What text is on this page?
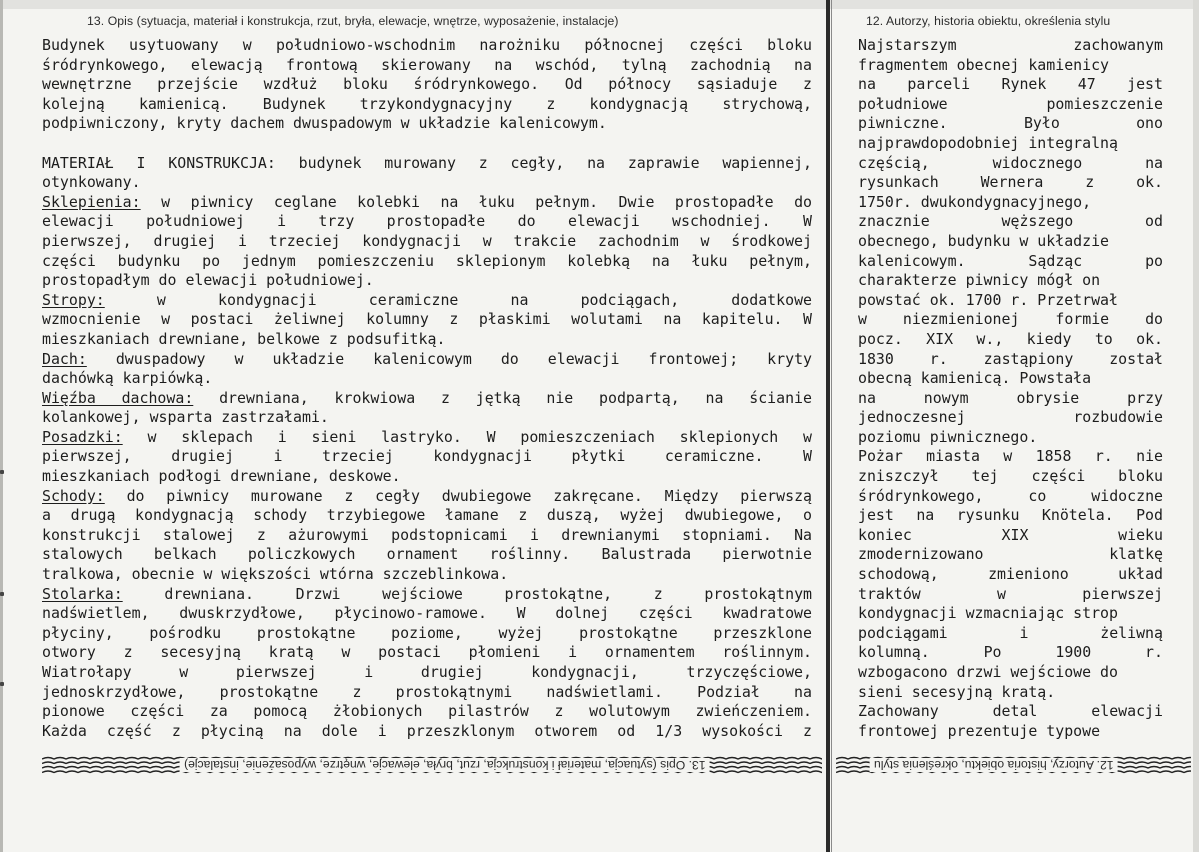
13. Opis (sytuacja, materiał i konstrukcja, rzut, bryła, elewacje, wnętrze, wyposażenie, instalacje)	12. Autorzy, historia obiektu, określenia stylu
Budynek usytuowany w południowo-wschodnim narożniku północnej części bloku
śródrynkowego, elewacją frontową skierowany na wschód, tylną zachodnią na
wewnętrzne przejście wzdłuż bloku śródrynkowego. Od północy sąsiaduje z
kolejną kamienicą. Budynek trzykondygnacyjny z kondygnacją strychową,
podpiwniczony, kryty dachem dwuspadowym w układzie kalenicowym.
MATERIAŁ I KONSTRUKCJA: budynek murowany z cegły, na zaprawie wapiennej,
otynkowany.
Sklepienia: w piwnicy ceglane kolebki na łuku pełnym. Dwie prostopadłe do
elewacji południowej i trzy prostopadłe do elewacji wschodniej. W
pierwszej, drugiej i trzeciej kondygnacji w trakcie zachodnim w środkowej
części budynku po jednym pomieszczeniu sklepionym kolebką na łuku pełnym,
prostopadłym do elewacji południowej.
Stropy: w kondygnacji ceramiczne na podciągach, dodatkowe
wzmocnienie w postaci żeliwnej kolumny z płaskimi wolutami na kapitelu. W
mieszkaniach drewniane, belkowe z podsufitką.
Dach: dwuspadowy w układzie kalenicowym do elewacji frontowej; kryty
dachówką karpiówką.
Więźba dachowa: drewniana, krokwiowa z jętką nie podpartą, na ścianie
kolankowej, wsparta zastrzałami.
Posadzki: w sklepach i sieni lastryko. W pomieszczeniach sklepionych w
pierwszej, drugiej i trzeciej kondygnacji płytki ceramiczne. W
mieszkaniach podłogi drewniane, deskowe.
Schody: do piwnicy murowane z cegły dwubiegowe zakręcane. Między pierwszą
a drugą kondygnacją schody trzybiegowe łamane z duszą, wyżej dwubiegowe, o
konstrukcji stalowej z ażurowymi podstopnicami i drewnianymi stopniami. Na
stalowych belkach policzkowych ornament roślinny. Balustrada pierwotnie
tralkowa, obecnie w większości wtórna szczeblinkowa.
Stolarka: drewniana. Drzwi wejściowe prostokątne, z prostokątnym
nadświetlem, dwuskrzydłowe, płycinowo-ramowe. W dolnej części kwadratowe
płyciny, pośrodku prostokątne poziome, wyżej prostokątne przeszklone
otwory z secesyjną kratą w postaci płomieni i ornamentem roślinnym.
Wiatrołapy w pierwszej i drugiej kondygnacji, trzyczęściowe,
jednoskrzydłowe, prostokątne z prostokątnymi nadświetlami. Podział na
pionowe części za pomocą żłobionych pilastrów z wolutowym zwieńczeniem.
Każda część z płyciną na dole i przeszklonym otworem od 1/3 wysokości z
Najstarszym zachowanym
fragmentem obecnej kamienicy
na parceli Rynek 47 jest
południowe pomieszczenie
piwniczne. Było ono
najprawdopodobniej integralną
częścią, widocznego na
rysunkach Wernera z ok.
1750r. dwukondygnacyjnego,
znacznie węższego od
obecnego, budynku w układzie
kalenicowym. Sądząc po
charakterze piwnicy mógł on
powstać ok. 1700 r. Przetrwał
w niezmienionej formie do
pocz. XIX w., kiedy to ok.
1830 r. zastąpiony został
obecną kamienicą. Powstała
na nowym obrysie przy
jednoczesnej rozbudowie
poziomu piwnicznego.
Pożar miasta w 1858 r. nie
zniszczył tej części bloku
śródrynkowego, co widoczne
jest na rysunku Knötela. Pod
koniec XIX wieku
zmodernizowano klatkę
schodową, zmieniono układ
traktów w pierwszej
kondygnacji wzmacniając strop
podciągami i żeliwną
kolumną. Po 1900 r.
wzbogacono drzwi wejściowe do
sieni secesyjną kratą.
Zachowany detal elewacji
frontowej prezentuje typowe
13. Opis (sytuacja, materiał i konstrukcja, rzut, bryła, elewacje, wnętrze, wyposażenie, instalacje)	12. Autorzy, historia obiektu, określenia stylu
